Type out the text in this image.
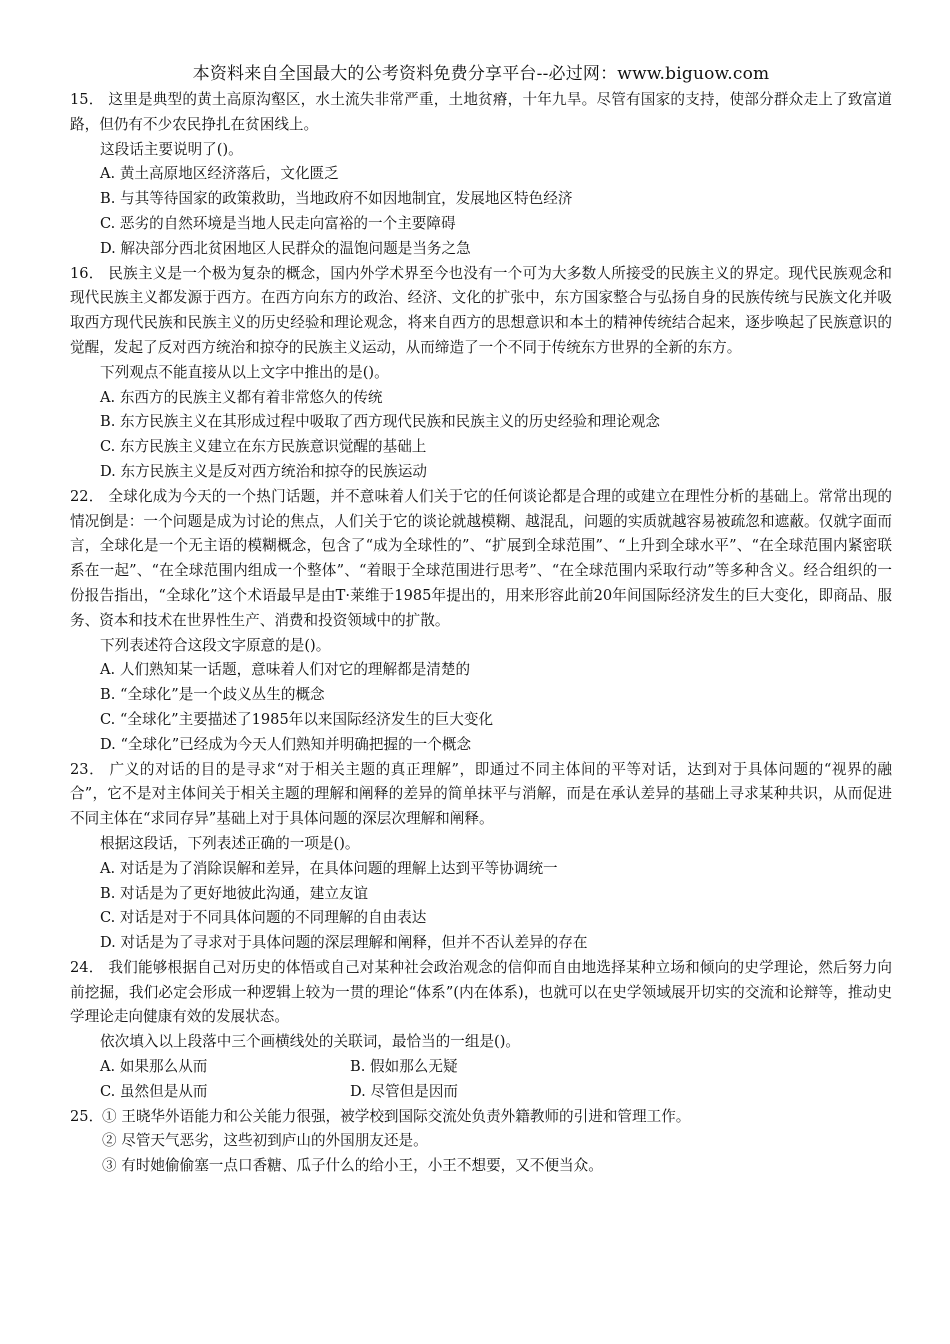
本资料来自全国最大的公考资料免费分享平台--必过网：www.biguow.com

15． 这里是典型的黄土高原沟壑区，水土流失非常严重，土地贫瘠，十年九旱。尽管有国家的支持，使部分群众走上了致富道路，但仍有不少农民挣扎在贫困线上。

这段话主要说明了()。

A. 黄土高原地区经济落后，文化匮乏

B. 与其等待国家的政策救助，当地政府不如因地制宜，发展地区特色经济

C. 恶劣的自然环境是当地人民走向富裕的一个主要障碍

D. 解决部分西北贫困地区人民群众的温饱问题是当务之急

16． 民族主义是一个极为复杂的概念，国内外学术界至今也没有一个可为大多数人所接受的民族主义的界定。现代民族观念和现代民族主义都发源于西方。在西方向东方的政治、经济、文化的扩张中，东方国家整合与弘扬自身的民族传统与民族文化并吸取西方现代民族和民族主义的历史经验和理论观念，将来自西方的思想意识和本土的精神传统结合起来，逐步唤起了民族意识的觉醒，发起了反对西方统治和掠夺的民族主义运动，从而缔造了一个不同于传统东方世界的全新的东方。

下列观点不能直接从以上文字中推出的是()。

A. 东西方的民族主义都有着非常悠久的传统

B. 东方民族主义在其形成过程中吸取了西方现代民族和民族主义的历史经验和理论观念

C. 东方民族主义建立在东方民族意识觉醒的基础上

D. 东方民族主义是反对西方统治和掠夺的民族运动

22． 全球化成为今天的一个热门话题，并不意味着人们关于它的任何谈论都是合理的或建立在理性分析的基础上。常常出现的情况倒是：一个问题是成为讨论的焦点，人们关于它的谈论就越模糊、越混乱，问题的实质就越容易被疏忽和遮蔽。仅就字面而言，全球化是一个无主语的模糊概念，包含了“成为全球性的”、“扩展到全球范围”、“上升到全球水平”、“在全球范围内紧密联系在一起”、“在全球范围内组成一个整体”、“着眼于全球范围进行思考”、“在全球范围内采取行动”等多种含义。经合组织的一份报告指出，“全球化”这个术语最早是由T·莱维于1985年提出的，用来形容此前20年间国际经济发生的巨大变化，即商品、服务、资本和技术在世界性生产、消费和投资领域中的扩散。

下列表述符合这段文字原意的是()。

A. 人们熟知某一话题，意味着人们对它的理解都是清楚的

B. “全球化”是一个歧义丛生的概念

C. “全球化”主要描述了1985年以来国际经济发生的巨大变化

D. “全球化”已经成为今天人们熟知并明确把握的一个概念

23． 广义的对话的目的是寻求“对于相关主题的真正理解”，即通过不同主体间的平等对话，达到对于具体问题的“视界的融合”，它不是对主体间关于相关主题的理解和阐释的差异的简单抹平与消解，而是在承认差异的基础上寻求某种共识，从而促进不同主体在“求同存异”基础上对于具体问题的深层次理解和阐释。

根据这段话，下列表述正确的一项是()。

A. 对话是为了消除误解和差异，在具体问题的理解上达到平等协调统一

B. 对话是为了更好地彼此沟通，建立友谊

C. 对话是对于不同具体问题的不同理解的自由表达

D. 对话是为了寻求对于具体问题的深层理解和阐释，但并不否认差异的存在

24． 我们能够根据自己对历史的体悟或自己对某种社会政治观念的信仰而自由地选择某种立场和倾向的史学理论，然后努力向前挖掘，我们必定会形成一种逻辑上较为一贯的理论“体系”(内在体系)，也就可以在史学领域展开切实的交流和论辩等，推动史学理论走向健康有效的发展状态。

依次填入以上段落中三个画横线处的关联词，最恰当的一组是()。

A. 如果那么从而	B. 假如那么无疑
C. 虽然但是从而	D. 尽管但是因而
25．

① 王晓华外语能力和公关能力很强，被学校到国际交流处负责外籍教师的引进和管理工作。

② 尽管天气恶劣，这些初到庐山的外国朋友还是。

③ 有时她偷偷塞一点口香糖、瓜子什么的给小王，小王不想要，又不便当众。
